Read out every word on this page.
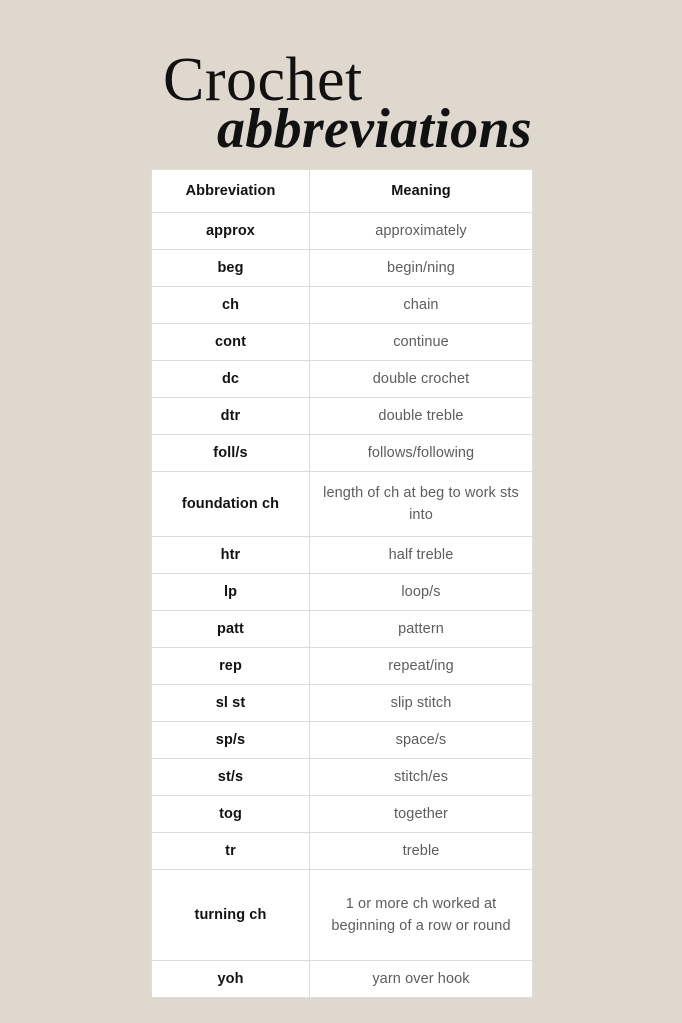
Crochet
abbreviations
Abbreviation	Meaning
approx	approximately
beg	begin/ning
ch	chain
cont	continue
dc	double crochet
dtr	double treble
foll/s	follows/following
foundation ch	length of ch at beg to work sts into
htr	half treble
lp	loop/s
patt	pattern
rep	repeat/ing
sl st	slip stitch
sp/s	space/s
st/s	stitch/es
tog	together
tr	treble
turning ch	1 or more ch worked at beginning of a row or round
yoh	yarn over hook
